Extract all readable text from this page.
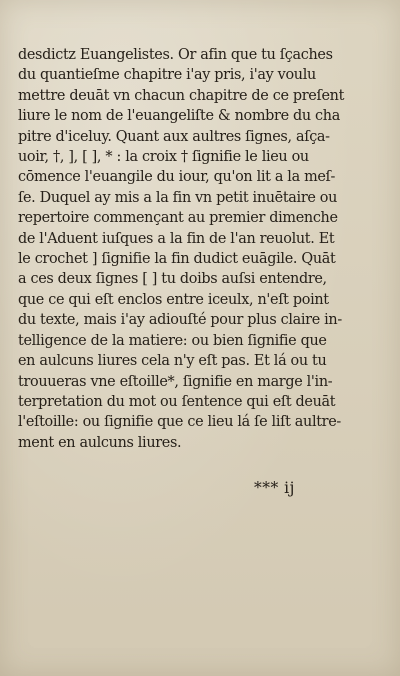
desdictz Euangelistes. Or afin que tu ſçaches
du quantieſme chapitre i'ay pris, i'ay voulu
mettre deuāt vn chacun chapitre de ce preſent
liure le nom de l'euangeliſte & nombre du cha
pitre d'iceluy. Quant aux aultres ſignes, aſça-
uoir, †, ], [ ], * : la croix † ſignifie le lieu ou
cōmence l'euangile du iour, qu'on lit a la meſ-
ſe. Duquel ay mis a la fin vn petit inuētaire ou
repertoire commençant au premier dimenche
de l'Aduent iuſques a la fin de l'an reuolut. Et
le crochet ] ſignifie la fin dudict euāgile. Quāt
a ces deux ſignes [ ] tu doibs auſsi entendre,
que ce qui eſt enclos entre iceulx, n'eſt point
du texte, mais i'ay adiouſté pour plus claire in-
telligence de la matiere: ou bien ſignifie que
en aulcuns liures cela n'y eſt pas. Et lá ou tu
trouueras vne eſtoille*, ſignifie en marge l'in-
terpretation du mot ou ſentence qui eſt deuāt
l'eſtoille: ou ſignifie que ce lieu lá ſe liſt aultre-
ment en aulcuns liures.
*** ij
